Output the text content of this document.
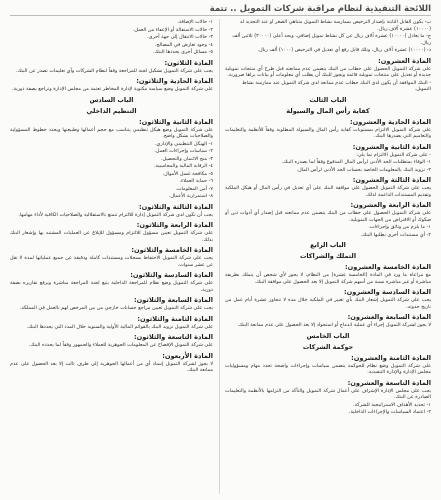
اللائحة التنفيذية لنظام مراقبة شركات التمويل .. تتمة

ب- يكون القابل الثابتة بإصدار الترخيص بممارسة نشاط التمويل متناهي الصغر أو عند التجديد له (١٠٠٠٠) عشرة آلاف ريال.

ج- ما يعادل (١٠٠٠٠) عشرة آلاف ريال عن كل نشاط تمويل إضافي، وبحد أعلى (٣٠٠٠٠) ثلاثين ألف ريال.

د- (١٠٠٠٠) عشرة آلاف ريال، وتلك قابل رفع أي تعديل في الترخيص (١٠٠٠) ألف ريال.

المادة العشرون:

على شركة التمويل الحصول على خطاب من البنك يتضمن عدم ممانعته قبل طرح أي منتجات تمويلية جديدة أو تعديل على منتجات تمويلية قائمة ويجوز للبنك أن يطلب أي معلومات أو بيانات يراها ضرورية.

- البنك الموافقة أن يكون لدى البنك خطاب عدم ممانعة لدى شركة التمويل عند ممارسة نشاط التمويل.

الباب الثالث

كفاية رأس المال والسيولة

المادة الحادية والعشرون:

على شركة التمويل الالتزام بمستويات كفاية رأس المال والسيولة المطلوبة وفقاً للأنظمة والتعليمات والتعاميم التي يصدرها البنك.

المادة الثانية والعشرون:

- على شركة التمويل الالتزام بما يلي:

١- الوفاء بمتطلبات الحد الأدنى لرأس المال المدفوع وفقاً لما يصدره البنك.

٢- تزويد البنك بالمعلومات الخاصة بحساب الحد الأدنى لرأس المال.

المادة الثالثة والعشرون:

يجب على شركة التمويل الحصول على موافقة البنك على أي تعديل في رأس المال أو هيكل الملكية وتقديم المستندات الداعمة لذلك.

المادة الرابعة والعشرون:

على شركة التمويل الحصول على خطاب من البنك يتضمن عدم ممانعته قبل إصدار أي أدوات دين أو صكوك أو الاقتراض من الجهات التمويلية.

١- ما يلزم من وثائق وإجراءات.

٢- أي مستندات أخرى يطلبها البنك.

الباب الرابع

التملك والشراكات

المادة الخامسة والعشرون:

مع مراعاة ما ورد في المادة (الخامسة عشرة) من النظام، لا يجوز لأي شخص أن يتملك بطريقة مباشرة أو غير مباشرة نسبة من أسهم شركة التمويل إلا بعد الحصول على موافقة البنك.

المادة السادسة والعشرون:

يجب على شركة التمويل إشعار البنك بأي تغيير في الملكية خلال مدة لا تتجاوز عشرة أيام عمل من تاريخ حدوثه.

المادة السابعة والعشرون:

لا يجوز لشركة التمويل إجراء أي عملية اندماج أو استحواذ إلا بعد الحصول على عدم ممانعة البنك.

الباب الخامس

حوكمة الشركات

المادة الثامنة والعشرون:

على شركة التمويل وضع نظام للحوكمة يتضمن سياسات وإجراءات واضحة تحدد مهام ومسؤوليات مجلس الإدارة والإدارة التنفيذية.

المادة التاسعة والعشرون:

يجب على مجلس الإدارة الإشراف على أعمال شركة التمويل والتأكد من التزامها بالأنظمة والتعليمات الصادرة عن البنك.

١- تحديد الأهداف الاستراتيجية للشركة.

٢- اعتماد السياسات والإجراءات الداخلية.

١- حالات الإضافة.

٢- حالات الاستقالة أو الإعفاء من العمل.

٣- حالات الانتقال إلى جهة أخرى.

٤- وجود تعارض في المصالح.

٥- مسائل أخرى يحددها البنك.

المادة الثلاثون:

يجب على شركة التمويل تشكيل لجنة للمراجعة وفقاً لنظام الشركات وأي تعليمات تصدر عن البنك.

المادة الحادية والثلاثون:

على شركة التمويل وضع سياسة مكتوبة لإدارة المخاطر تعتمد من مجلس الإدارة وتراجع بصفة دورية.

الباب السادس

التنظيم الداخلي

المادة الثانية والثلاثون:

على شركة التمويل وضع هيكل تنظيمي يتناسب مع حجم أعمالها وطبيعتها ويحدد خطوط المسؤولية والصلاحيات بشكل واضح.

١- الهيكل التنظيمي والإداري.

٢- سياسات وإجراءات العمل.

٣- منح الائتمان والتحصيل.

٤- الرقابة المالية والمحاسبية.

٥- مكافحة غسل الأموال.

٦- حماية العملاء.

٧- أمن المعلومات.

٨- استمرارية الأعمال.

المادة الثالثة والثلاثون:

يجب أن تكون لدى شركة التمويل إدارة للالتزام تتمتع بالاستقلالية والصلاحيات الكافية لأداء مهامها.

المادة الرابعة والثلاثون:

على شركة التمويل تعيين مسؤول للالتزام ومسؤول للإبلاغ عن العمليات المشتبه بها وإشعار البنك بذلك.

المادة الخامسة والثلاثون:

يجب على شركة التمويل الاحتفاظ بسجلات ومستندات كاملة ودقيقة عن جميع عملياتها لمدة لا تقل عن عشر سنوات.

المادة السادسة والثلاثون:

على شركة التمويل وضع نظام للمراجعة الداخلية يتبع لجنة المراجعة مباشرة ويرفع تقاريره بصفة دورية.

المادة السابعة والثلاثون:

يجب على شركة التمويل تعيين مراجع حسابات خارجي من بين المرخص لهم بالعمل في المملكة.

المادة الثامنة والثلاثون:

على شركة التمويل تزويد البنك بالقوائم المالية الأولية والسنوية خلال المدد التي يحددها البنك.

المادة التاسعة والثلاثون:

على شركة التمويل الإفصاح عن المعلومات الجوهرية للعملاء والجمهور وفقاً لما يحدده البنك.

المادة الأربعون:

لا يجوز لشركة التمويل إسناد أي من أعمالها الجوهرية إلى طرف ثالث إلا بعد الحصول على عدم ممانعة البنك.
